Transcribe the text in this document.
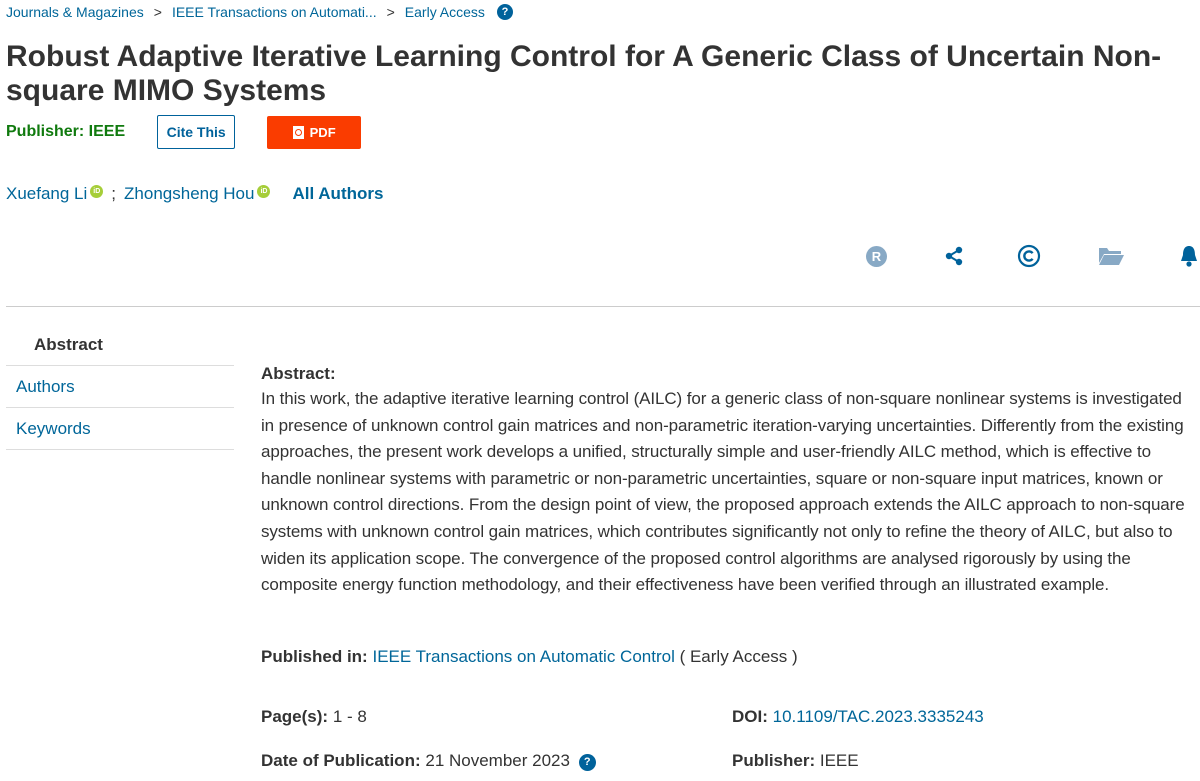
Journals & Magazines > IEEE Transactions on Automati... > Early Access	?
Robust Adaptive Iterative Learning Control for A Generic Class of Uncertain Non-square MIMO Systems
Publisher: IEEE	Cite This	PDF
Xuefang Li iD ; Zhongsheng Hou iD All Authors
R
Abstract
Authors
Keywords
Abstract:
In this work, the adaptive iterative learning control (AILC) for a generic class of non-square nonlinear systems is investigated in presence of unknown control gain matrices and non-parametric iteration-varying uncertainties. Differently from the existing approaches, the present work develops a unified, structurally simple and user-friendly AILC method, which is effective to handle nonlinear systems with parametric or non-parametric uncertainties, square or non-square input matrices, known or unknown control directions. From the design point of view, the proposed approach extends the AILC approach to non-square systems with unknown control gain matrices, which contributes significantly not only to refine the theory of AILC, but also to widen its application scope. The convergence of the proposed control algorithms are analysed rigorously by using the composite energy function methodology, and their effectiveness have been verified through an illustrated example.
Published in: IEEE Transactions on Automatic Control ( Early Access )
Page(s): 1 - 8	DOI: 10.1109/TAC.2023.3335243
Date of Publication: 21 November 2023 ?	Publisher: IEEE
